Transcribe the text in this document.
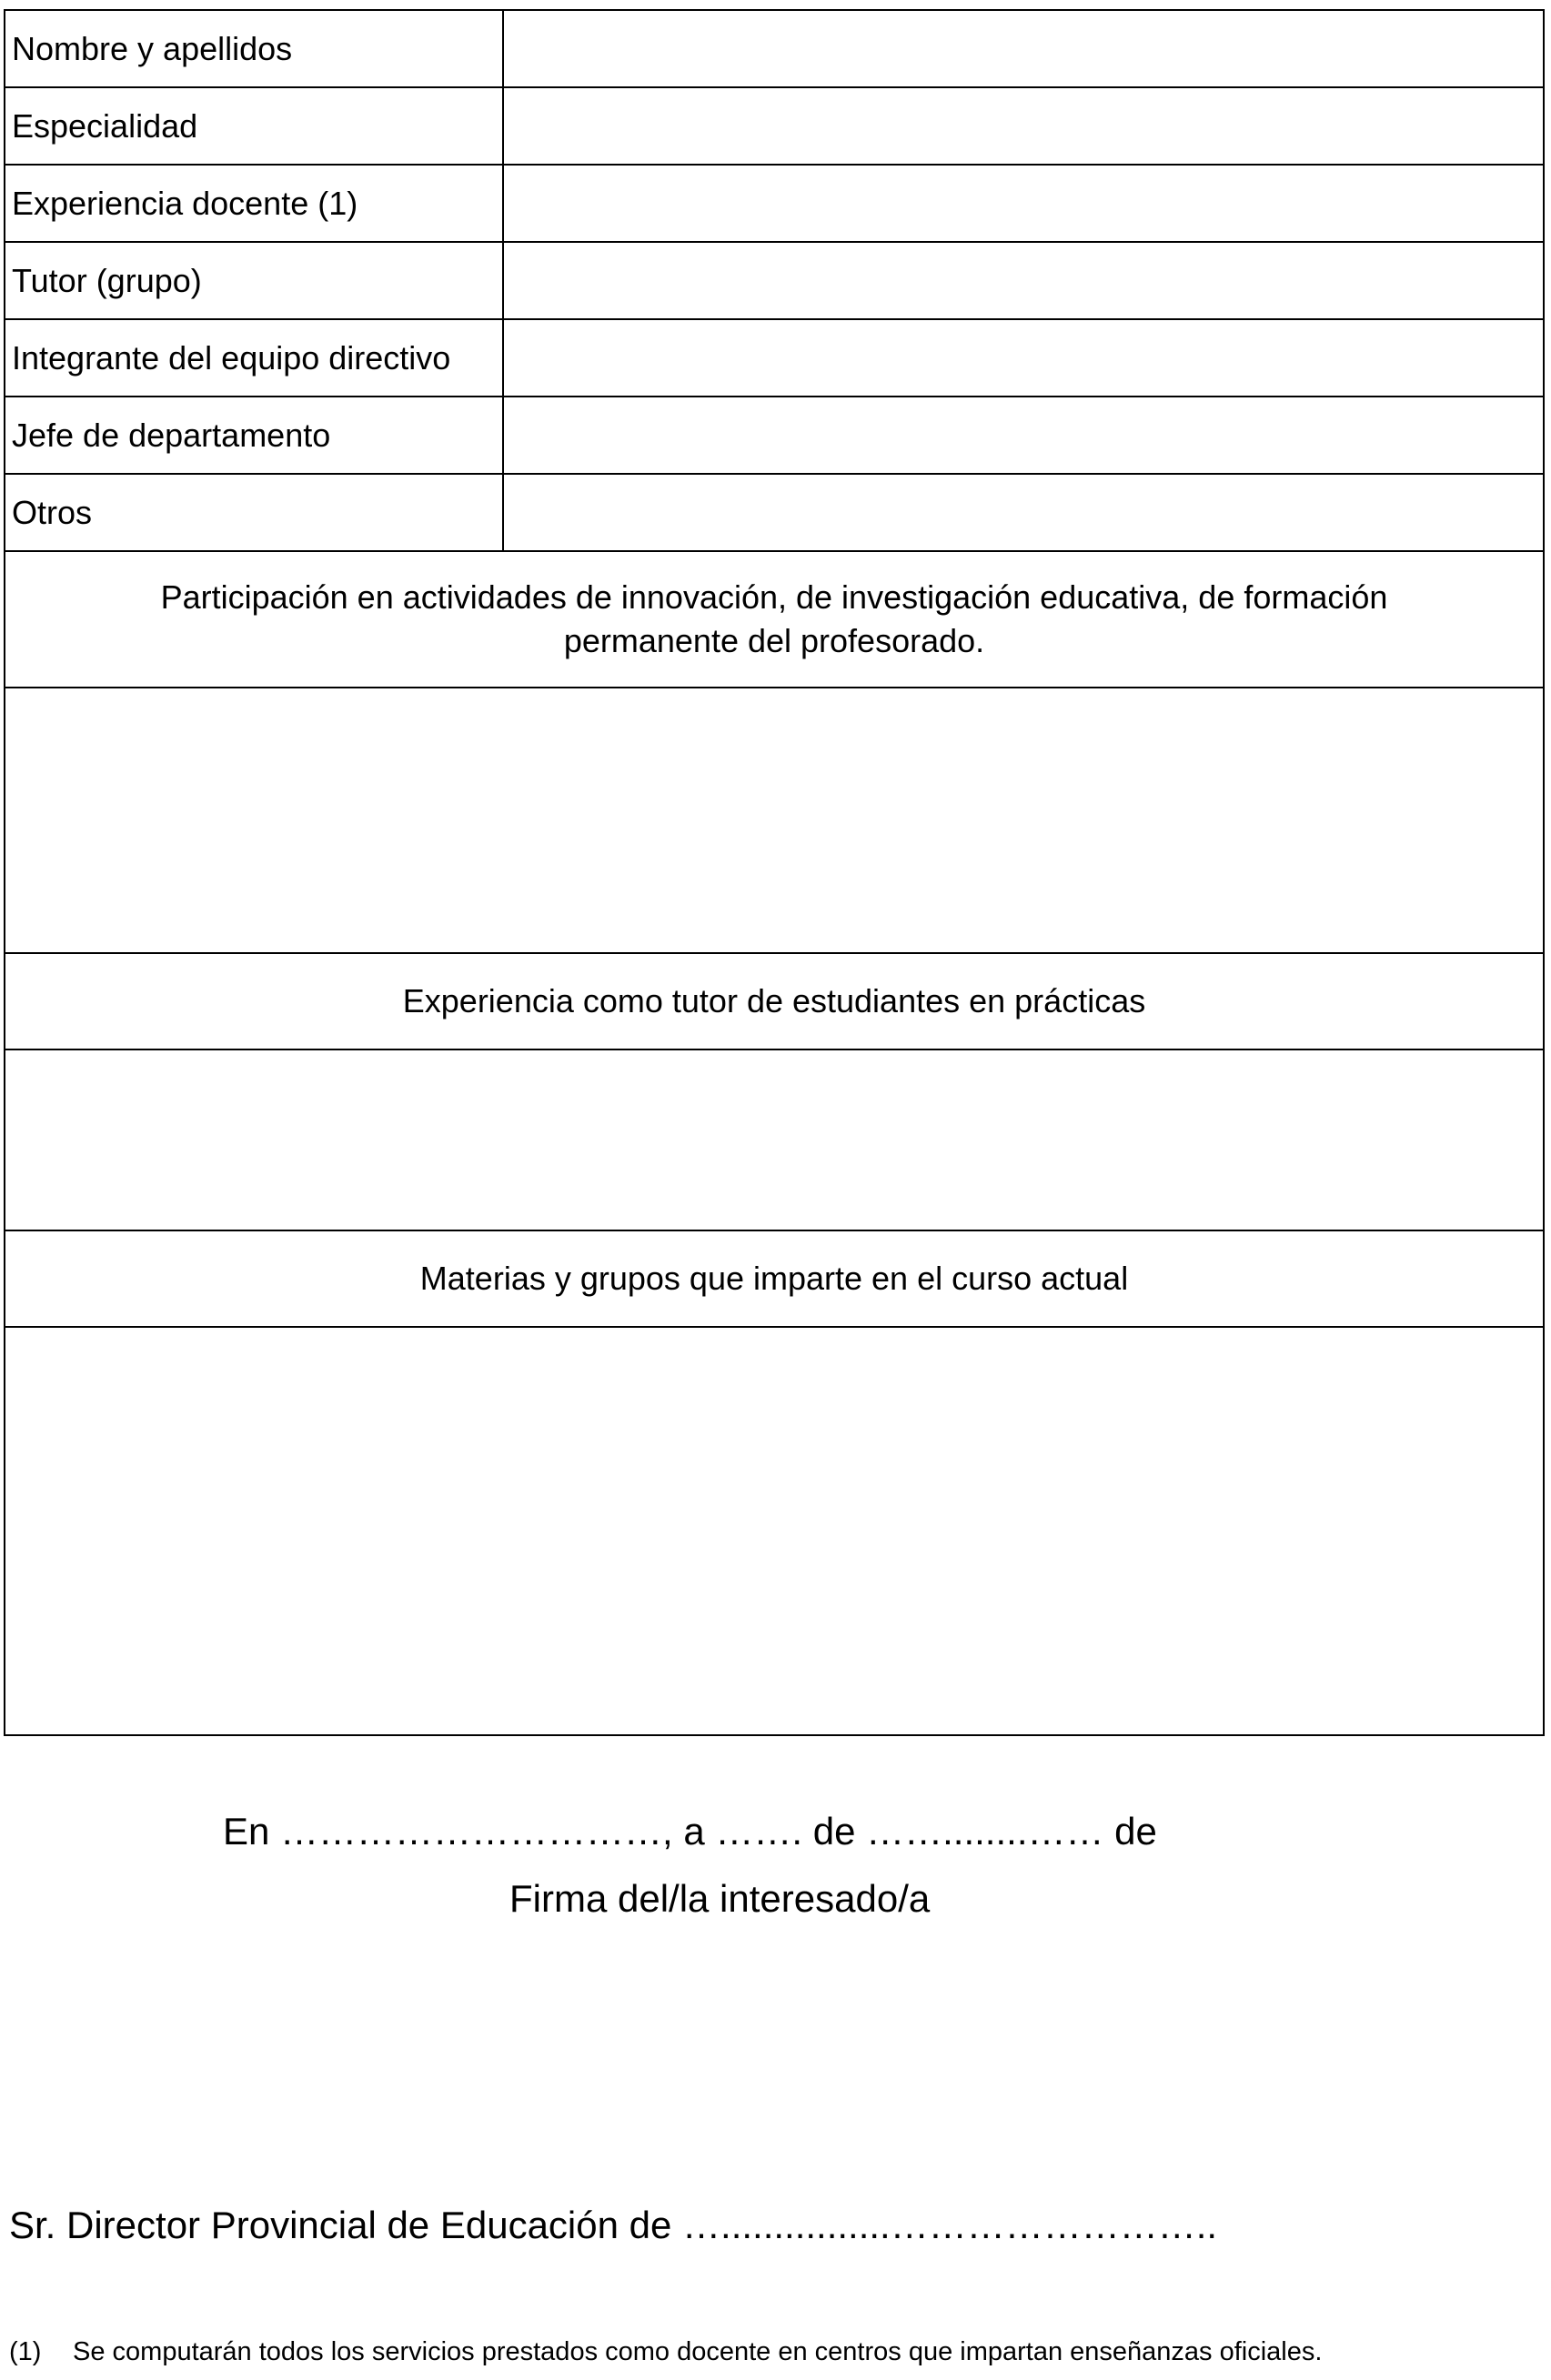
Nombre y apellidos	
Especialidad	
Experiencia docente (1)	
Tutor (grupo)	
Integrante del equipo directivo	
Jefe de departamento	
Otros	

Participación en actividades de innovación, de investigación educativa, de formación
permanente del profesorado.	

Experiencia como tutor de estudiantes en prácticas	

Materias y grupos que imparte en el curso actual	

En …………………………, a ……. de ……........…… de
Firma del/la interesado/a
Sr. Director Provincial de Educación de …................……………………..
(1) Se computarán todos los servicios prestados como docente en centros que impartan enseñanzas oficiales.
